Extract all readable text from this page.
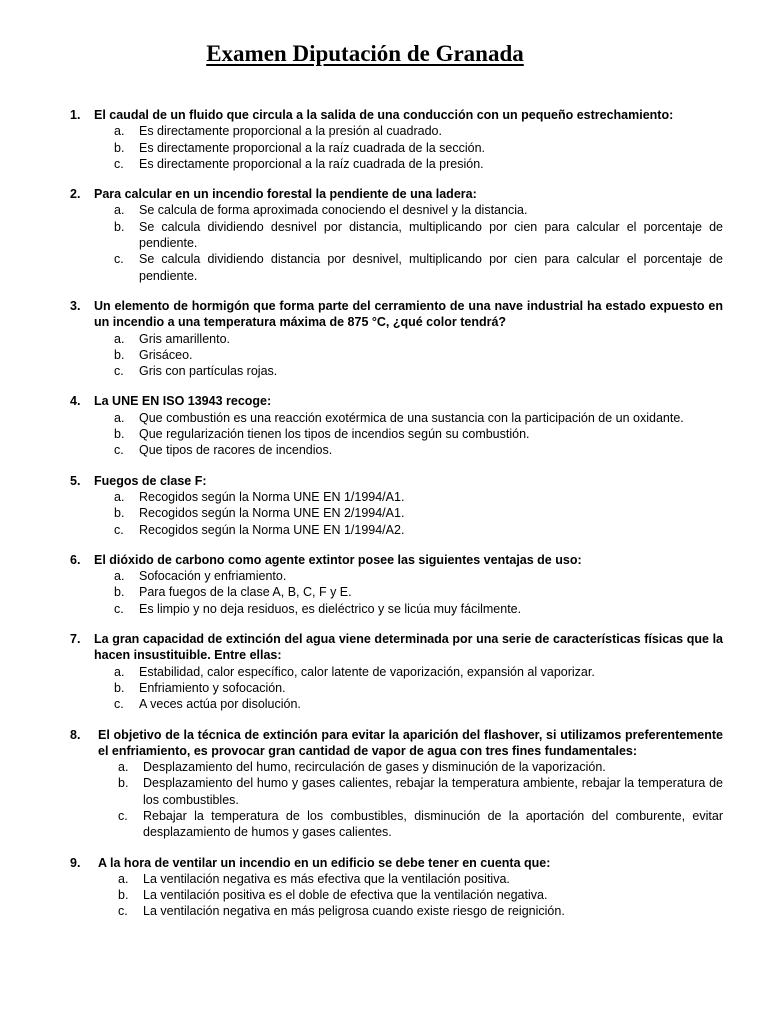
Examen Diputación de Granada
1. El caudal de un fluido que circula a la salida de una conducción con un pequeño estrechamiento:
a. Es directamente proporcional a la presión al cuadrado.
b. Es directamente proporcional a la raíz cuadrada de la sección.
c. Es directamente proporcional a la raíz cuadrada de la presión.
2. Para calcular en un incendio forestal la pendiente de una ladera:
a. Se calcula de forma aproximada conociendo el desnivel y la distancia.
b. Se calcula dividiendo desnivel por distancia, multiplicando por cien para calcular el porcentaje de pendiente.
c. Se calcula dividiendo distancia por desnivel, multiplicando por cien para calcular el porcentaje de pendiente.
3. Un elemento de hormigón que forma parte del cerramiento de una nave industrial ha estado expuesto en un incendio a una temperatura máxima de 875 °C, ¿qué color tendrá?
a. Gris amarillento.
b. Grisáceo.
c. Gris con partículas rojas.
4. La UNE EN ISO 13943 recoge:
a. Que combustión es una reacción exotérmica de una sustancia con la participación de un oxidante.
b. Que regularización tienen los tipos de incendios según su combustión.
c. Que tipos de racores de incendios.
5. Fuegos de clase F:
a. Recogidos según la Norma UNE EN 1/1994/A1.
b. Recogidos según la Norma UNE EN 2/1994/A1.
c. Recogidos según la Norma UNE EN 1/1994/A2.
6. El dióxido de carbono como agente extintor posee las siguientes ventajas de uso:
a. Sofocación y enfriamiento.
b. Para fuegos de la clase A, B, C, F y E.
c. Es limpio y no deja residuos, es dieléctrico y se licúa muy fácilmente.
7. La gran capacidad de extinción del agua viene determinada por una serie de características físicas que la hacen insustituible. Entre ellas:
a. Estabilidad, calor específico, calor latente de vaporización, expansión al vaporizar.
b. Enfriamiento y sofocación.
c. A veces actúa por disolución.
8. El objetivo de la técnica de extinción para evitar la aparición del flashover, si utilizamos preferentemente el enfriamiento, es provocar gran cantidad de vapor de agua con tres fines fundamentales:
a. Desplazamiento del humo, recirculación de gases y disminución de la vaporización.
b. Desplazamiento del humo y gases calientes, rebajar la temperatura ambiente, rebajar la temperatura de los combustibles.
c. Rebajar la temperatura de los combustibles, disminución de la aportación del comburente, evitar desplazamiento de humos y gases calientes.
9. A la hora de ventilar un incendio en un edificio se debe tener en cuenta que:
a. La ventilación negativa es más efectiva que la ventilación positiva.
b. La ventilación positiva es el doble de efectiva que la ventilación negativa.
c. La ventilación negativa en más peligrosa cuando existe riesgo de reignición.
